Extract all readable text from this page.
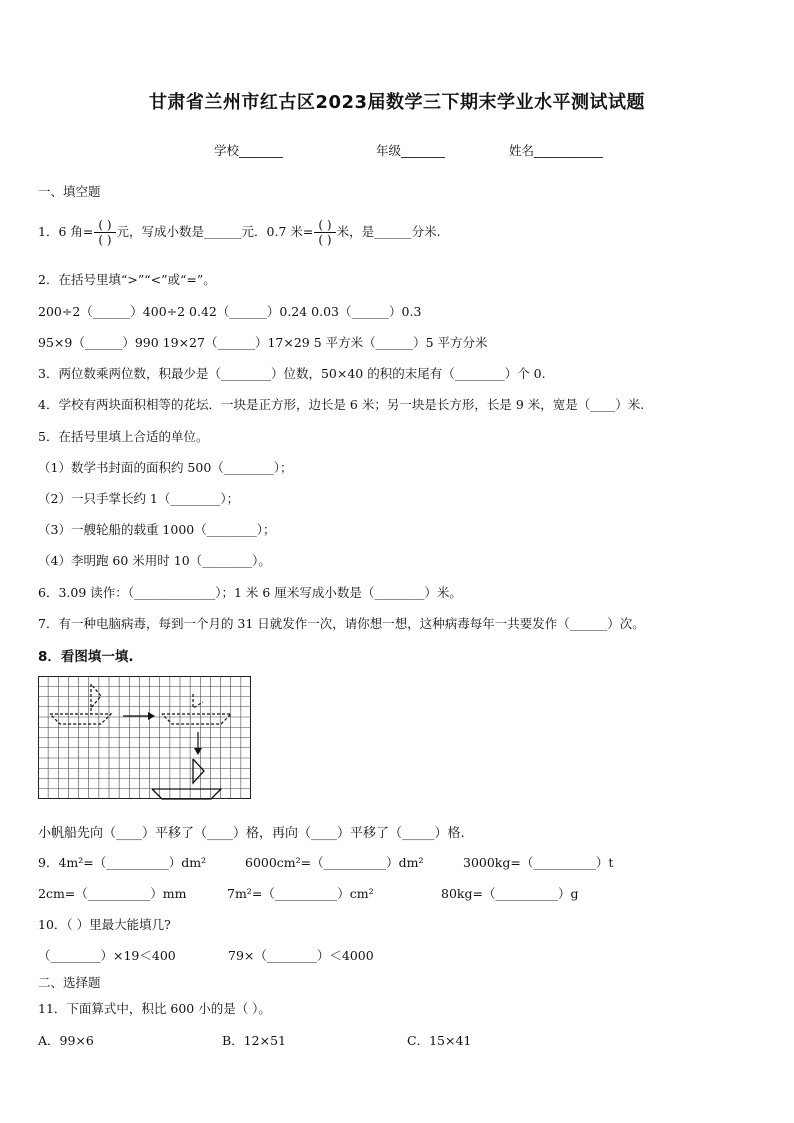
甘肃省兰州市红古区2023届数学三下期末学业水平测试试题
学校_______	年级_______	姓名___________
一、填空题
1．6 角= $\frac{( )}{( )}$ 元，写成小数是______元．0.7 米= $\frac{( )}{( )}$ 米，是______分米.
2．在括号里填“>”“<”或“=”。
200÷2（______）400÷2 0.42（______）0.24 0.03（______）0.3
95×9（______）990 19×27（______）17×29 5 平方米（______）5 平方分米
3．两位数乘两位数，积最少是（________）位数，50×40 的积的末尾有（________）个 0.
4．学校有两块面积相等的花坛．一块是正方形，边长是 6 米；另一块是长方形，长是 9 米，宽是（____）米.
5．在括号里填上合适的单位。
（1）数学书封面的面积约 500（________）；
（2）一只手掌长约 1（________）；
（3）一艘轮船的载重 1000（________）；
（4）李明跑 60 米用时 10（________）。
6．3.09 读作：（_____________）；1 米 6 厘米写成小数是（________）米。
7．有一种电脑病毒，每到一个月的 31 日就发作一次，请你想一想，这种病毒每年一共要发作（______）次。
8．看图填一填.
小帆船先向（____）平移了（____）格，再向（____）平移了（_____）格.
9．4m²=（__________）dm²	6000cm²=（__________）dm²	3000kg=（__________）t
2cm=（__________）mm	7m²=（__________）cm²	80kg=（__________）g
10．（ ）里最大能填几?
（________）×19＜400	79×（________）＜4000
二、选择题
11．下面算式中，积比 600 小的是（ ）。
A．99×6	B．12×51	C．15×41
